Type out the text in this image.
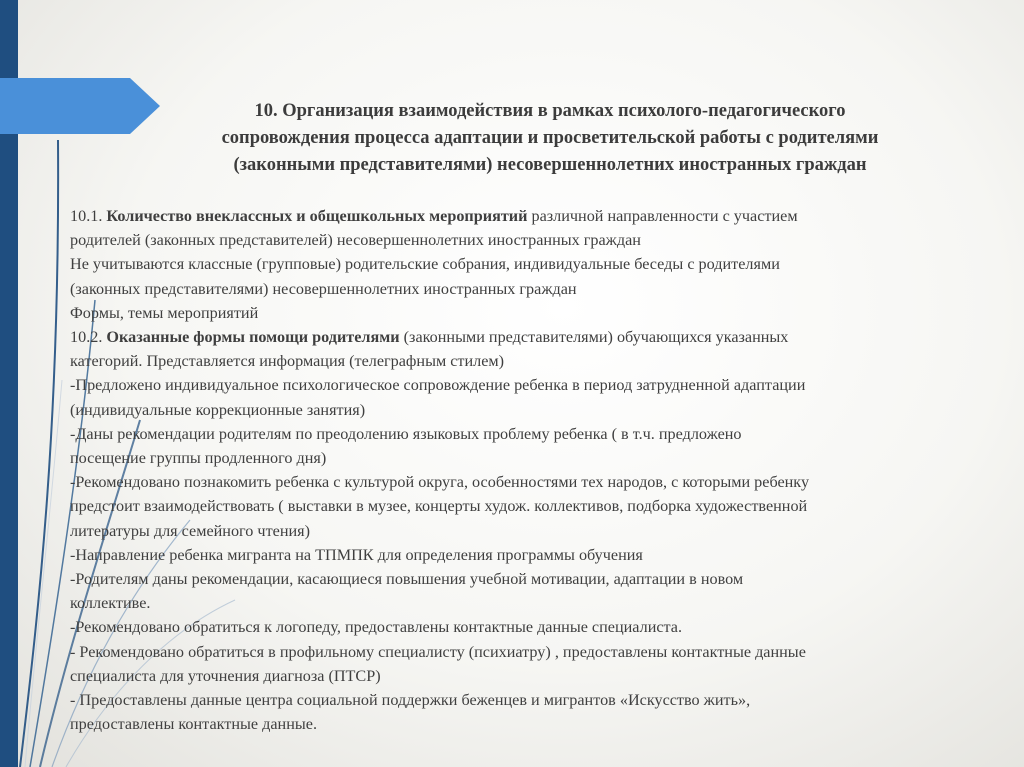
10. Организация взаимодействия в рамках психолого-педагогического
сопровождения процесса адаптации и просветительской работы с родителями
(законными представителями) несовершеннолетних иностранных граждан
10.1. Количество внеклассных и общешкольных мероприятий различной направленности с участием
родителей (законных представителей) несовершеннолетних иностранных граждан
Не учитываются классные (групповые) родительские собрания, индивидуальные беседы с родителями
(законных представителями) несовершеннолетних иностранных граждан
Формы, темы мероприятий
10.2. Оказанные формы помощи родителями (законными представителями) обучающихся указанных
категорий. Представляется информация (телеграфным стилем)
-Предложено индивидуальное психологическое сопровождение ребенка в период затрудненной адаптации
(индивидуальные коррекционные занятия)
-Даны рекомендации родителям по преодолению языковых проблему ребенка ( в т.ч. предложено
посещение группы продленного дня)
-Рекомендовано познакомить ребенка с культурой округа, особенностями тех народов, с которыми ребенку
предстоит взаимодействовать ( выставки в музее, концерты худож. коллективов, подборка художественной
литературы для семейного чтения)
-Направление ребенка мигранта на ТПМПК для определения программы обучения
-Родителям даны рекомендации, касающиеся повышения учебной мотивации, адаптации в новом
коллективе.
-Рекомендовано обратиться к логопеду, предоставлены контактные данные специалиста.
- Рекомендовано обратиться в профильному специалисту (психиатру) , предоставлены контактные данные
специалиста для уточнения диагноза (ПТСР)
- Предоставлены данные центра социальной поддержки беженцев и мигрантов «Искусство жить»,
предоставлены контактные данные.
